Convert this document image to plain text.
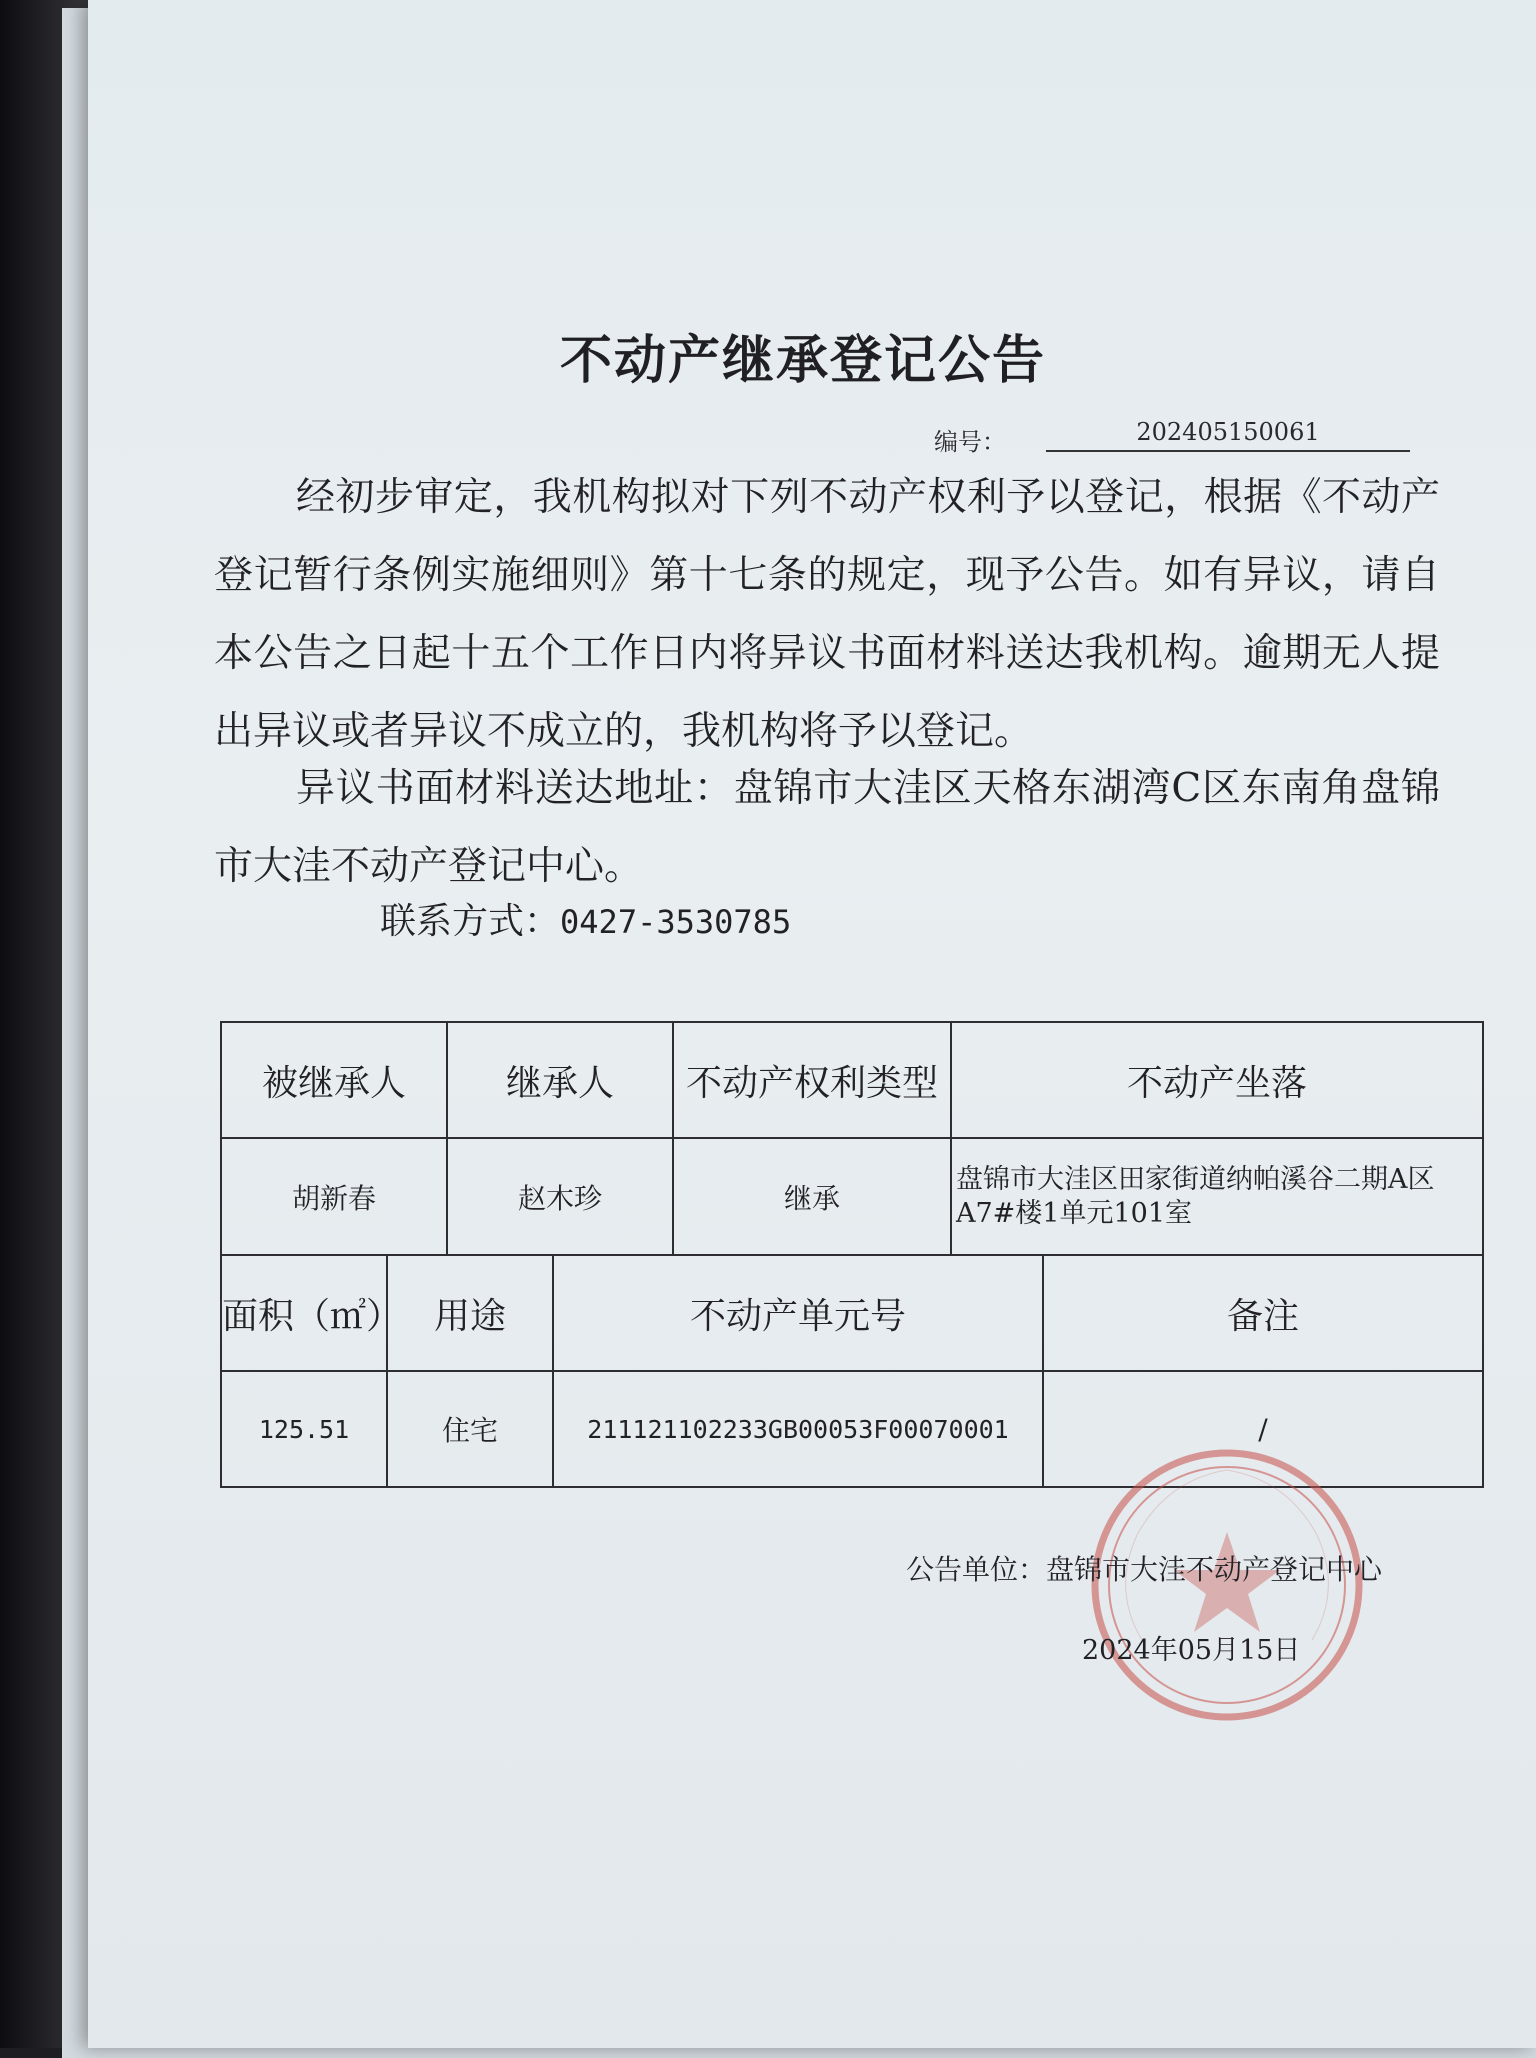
不动产继承登记公告
编号：	202405150061
经初步审定，我机构拟对下列不动产权利予以登记，根据《不动产登记暂行条例实施细则》第十七条的规定，现予公告。如有异议，请自本公告之日起十五个工作日内将异议书面材料送达我机构。逾期无人提出异议或者异议不成立的，我机构将予以登记。
异议书面材料送达地址：盘锦市大洼区天格东湖湾C区东南角盘锦市大洼不动产登记中心。
联系方式：0427-3530785
被继承人	继承人	不动产权利类型	不动产坐落
胡新春	赵木珍	继承	盘锦市大洼区田家街道纳帕溪谷二期A区A7#楼1单元101室
面积（㎡）	用途	不动产单元号	备注
125.51	住宅	211121102233GB00053F00070001	/
公告单位：盘锦市大洼不动产登记中心
2024年05月15日
